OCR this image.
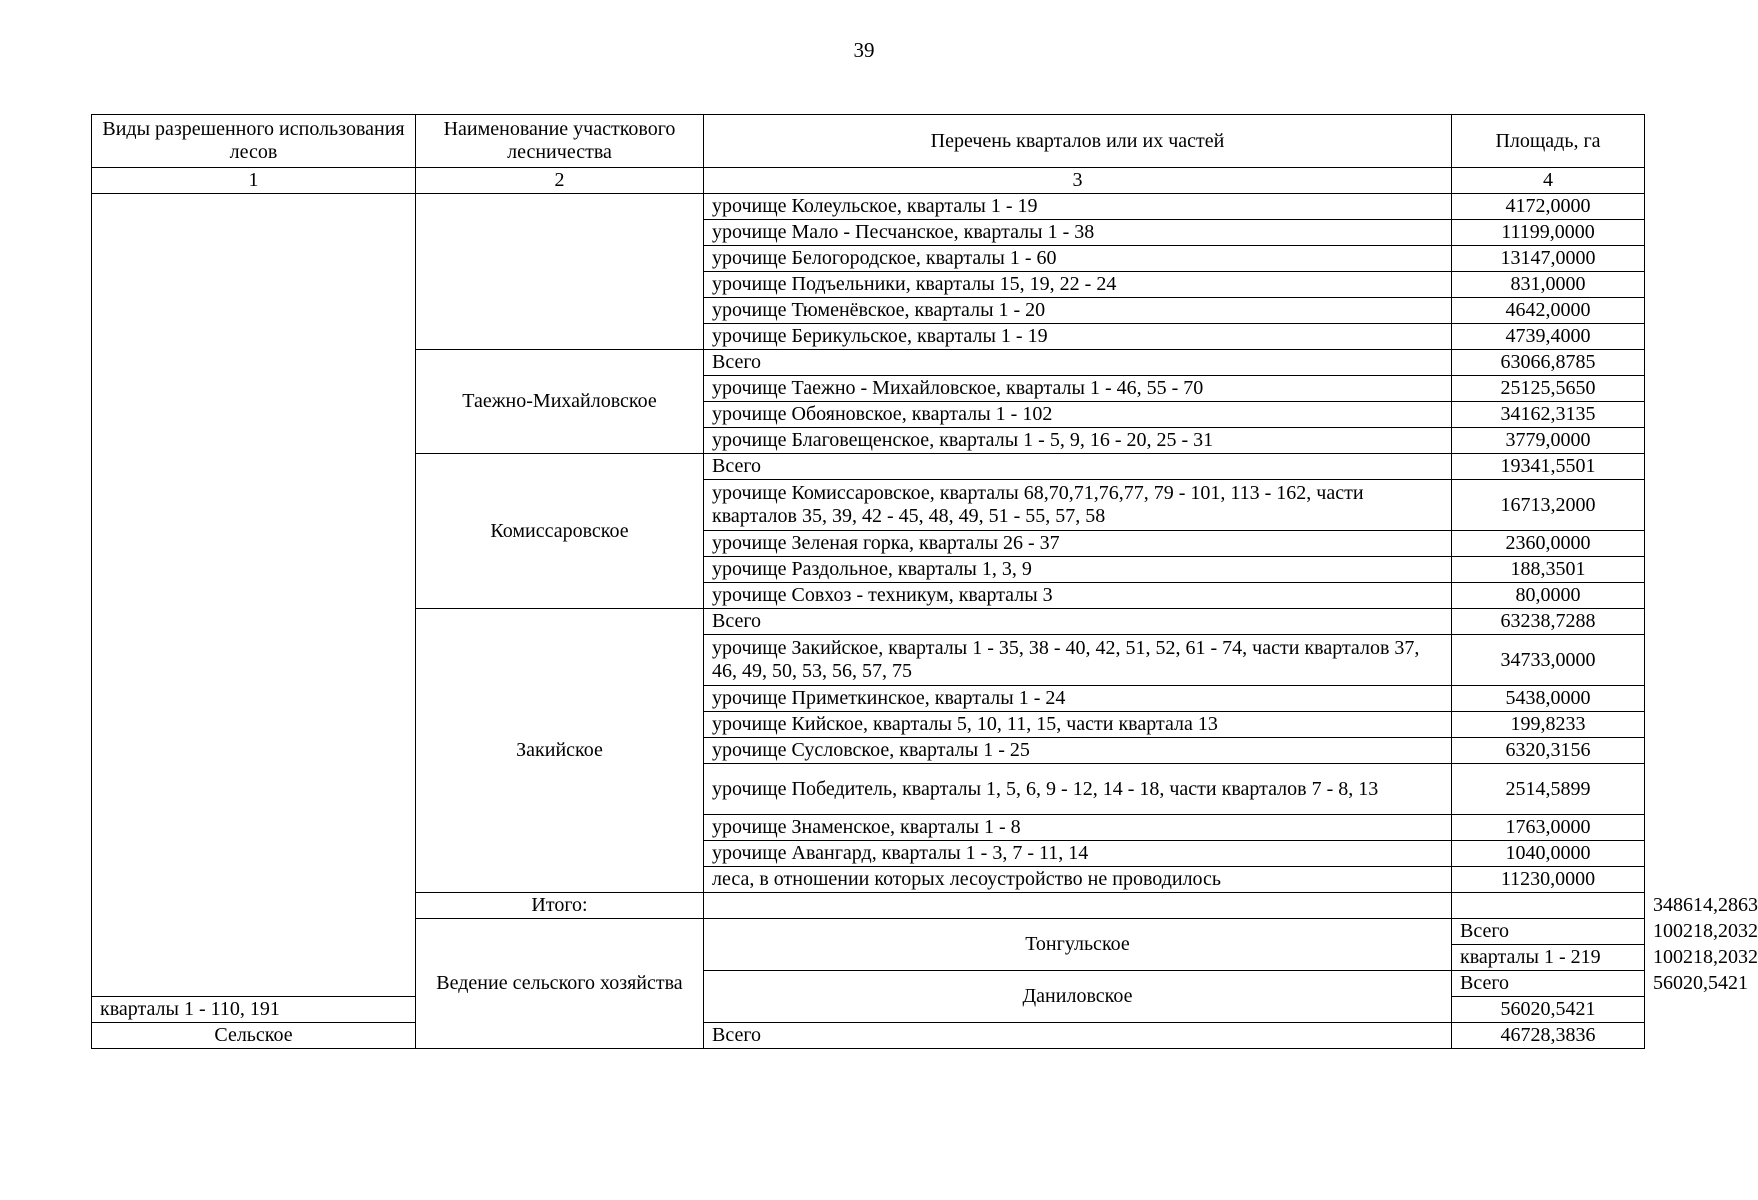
39
Виды разрешенного использования лесов	Наименование участкового лесничества	Перечень кварталов или их частей	Площадь, га	
1	2	3	4	
		урочище Колеульское, кварталы 1 - 19	4172,0000	
		урочище Мало - Песчанское, кварталы 1 - 38	11199,0000	
		урочище Белогородское, кварталы 1 - 60	13147,0000	
		урочище Подъельники, кварталы 15, 19, 22 - 24	831,0000	
		урочище Тюменёвское, кварталы 1 - 20	4642,0000	
		урочище Берикульское, кварталы 1 - 19	4739,4000	
	Таежно-Михайловское	Всего	63066,8785	
		урочище Таежно - Михайловское, кварталы 1 - 46, 55 - 70	25125,5650	
		урочище Обояновское, кварталы 1 - 102	34162,3135	
		урочище Благовещенское, кварталы 1 - 5, 9, 16 - 20, 25 - 31	3779,0000	
	Комиссаровское	Всего	19341,5501	
		урочище Комиссаровское, кварталы 68,70,71,76,77, 79 - 101, 113 - 162, части кварталов 35, 39, 42 - 45, 48, 49, 51 - 55, 57, 58	16713,2000	
		урочище Зеленая горка, кварталы 26 - 37	2360,0000	
		урочище Раздольное, кварталы 1, 3, 9	188,3501	
		урочище Совхоз - техникум, кварталы 3	80,0000	
	Закийское	Всего	63238,7288	
		урочище Закийское, кварталы 1 - 35, 38 - 40, 42, 51, 52, 61 - 74, части кварталов 37, 46, 49, 50, 53, 56, 57, 75	34733,0000	
		урочище Приметкинское, кварталы 1 - 24	5438,0000	
		урочище Кийское, кварталы 5, 10, 11, 15, части квартала 13	199,8233	
		урочище Сусловское, кварталы 1 - 25	6320,3156	
		урочище Победитель, кварталы 1, 5, 6, 9 - 12, 14 - 18, части кварталов 7 - 8, 13	2514,5899	
		урочище Знаменское, кварталы 1 - 8	1763,0000	
		урочище Авангард, кварталы 1 - 3, 7 - 11, 14	1040,0000	
		леса, в отношении которых лесоустройство не проводилось	11230,0000	
	Итого:			348614,2863
	Ведение сельского хозяйства	Тонгульское	Всего	100218,2032
			кварталы 1 - 219	100218,2032
		Даниловское	Всего	56020,5421
кварталы 1 - 110, 191			56020,5421	
Сельское		Всего	46728,3836	
